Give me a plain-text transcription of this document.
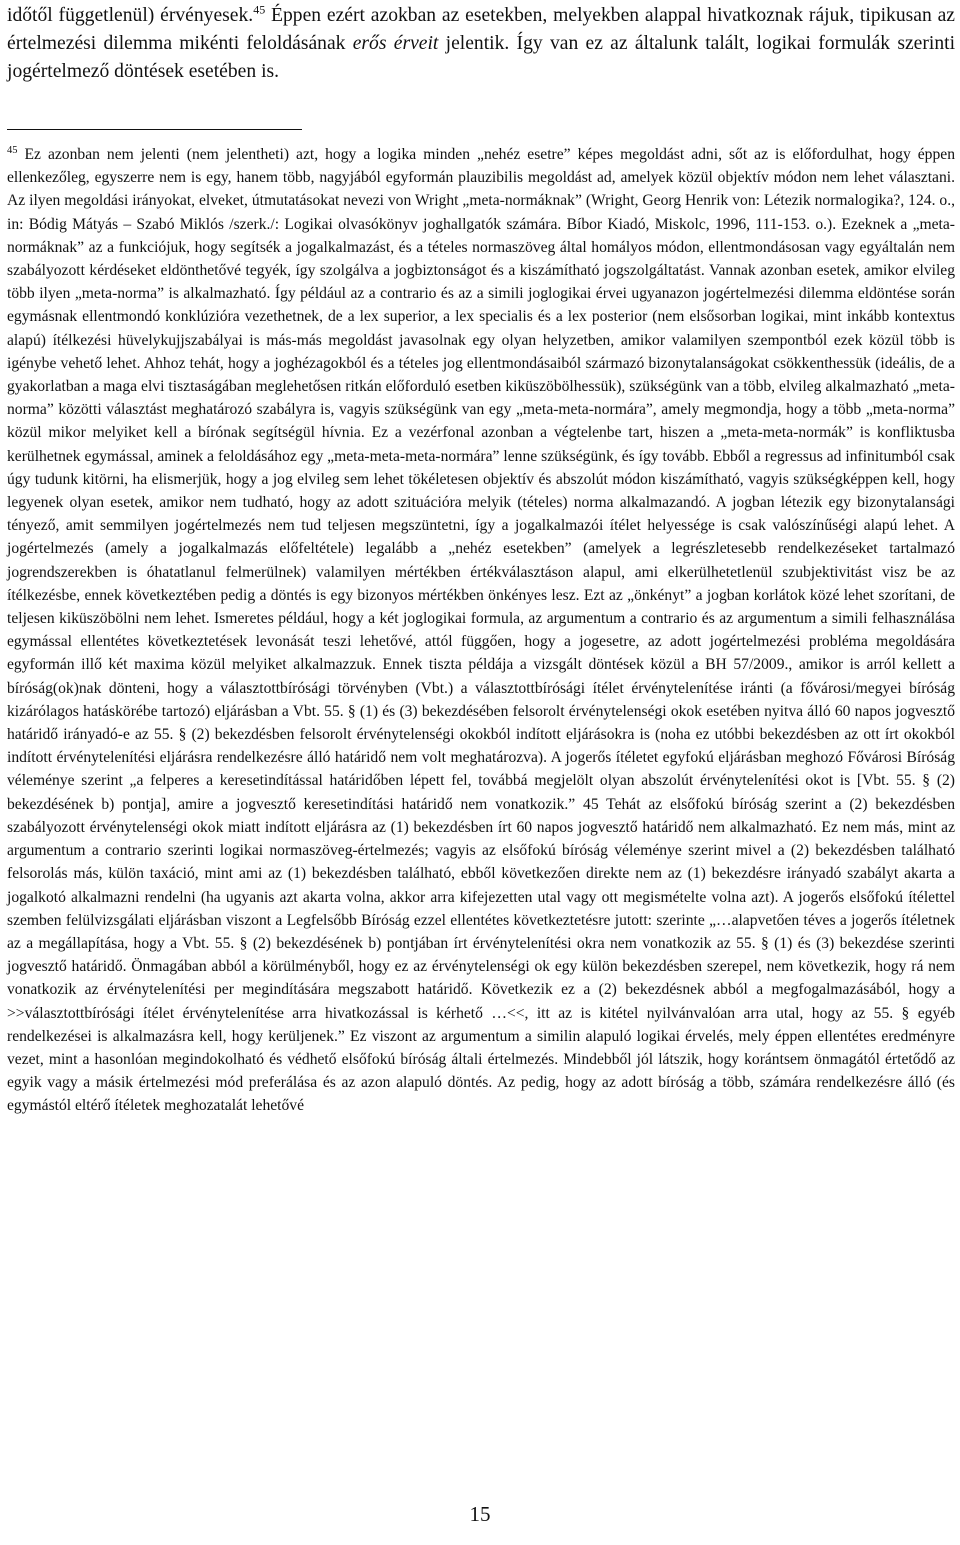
időtől függetlenül) érvényesek.$^{45}$ Éppen ezért azokban az esetekben, melyekben alappal hivatkoznak rájuk, tipikusan az értelmezési dilemma mikénti feloldásának erős érveit jelentik. Így van ez az általunk talált, logikai formulák szerinti jogértelmező döntések esetében is.

$^{45}$ Ez azonban nem jelenti (nem jelentheti) azt, hogy a logika minden „nehéz esetre” képes megoldást adni, sőt az is előfordulhat, hogy éppen ellenkezőleg, egyszerre nem is egy, hanem több, nagyjából egyformán plauzibilis megoldást ad, amelyek közül objektív módon nem lehet választani. Az ilyen megoldási irányokat, elveket, útmutatásokat nevezi von Wright „meta-normáknak” (Wright, Georg Henrik von: Létezik normalogika?, 124. o., in: Bódig Mátyás – Szabó Miklós /szerk./: Logikai olvasókönyv joghallgatók számára. Bíbor Kiadó, Miskolc, 1996, 111-153. o.). Ezeknek a „meta-normáknak” az a funkciójuk, hogy segítsék a jogalkalmazást, és a tételes normaszöveg által homályos módon, ellentmondásosan vagy egyáltalán nem szabályozott kérdéseket eldönthetővé tegyék, így szolgálva a jogbiztonságot és a kiszámítható jogszolgáltatást. Vannak azonban esetek, amikor elvileg több ilyen „meta-norma” is alkalmazható. Így például az a contrario és az a simili joglogikai érvei ugyanazon jogértelmezési dilemma eldöntése során egymásnak ellentmondó konklúzióra vezethetnek, de a lex superior, a lex specialis és a lex posterior (nem elsősorban logikai, mint inkább kontextus alapú) ítélkezési hüvelykujjszabályai is más-más megoldást javasolnak egy olyan helyzetben, amikor valamilyen szempontból ezek közül több is igénybe vehető lehet. Ahhoz tehát, hogy a joghézagokból és a tételes jog ellentmondásaiból származó bizonytalanságokat csökkenthessük (ideális, de a gyakorlatban a maga elvi tisztaságában meglehetősen ritkán előforduló esetben kiküszöbölhessük), szükségünk van a több, elvileg alkalmazható „meta-norma” közötti választást meghatározó szabályra is, vagyis szükségünk van egy „meta-meta-normára”, amely megmondja, hogy a több „meta-norma” közül mikor melyiket kell a bírónak segítségül hívnia. Ez a vezérfonal azonban a végtelenbe tart, hiszen a „meta-meta-normák” is konfliktusba kerülhetnek egymással, aminek a feloldásához egy „meta-meta-meta-normára” lenne szükségünk, és így tovább. Ebből a regressus ad infinitumból csak úgy tudunk kitörni, ha elismerjük, hogy a jog elvileg sem lehet tökéletesen objektív és abszolút módon kiszámítható, vagyis szükségképpen kell, hogy legyenek olyan esetek, amikor nem tudható, hogy az adott szituációra melyik (tételes) norma alkalmazandó. A jogban létezik egy bizonytalansági tényező, amit semmilyen jogértelmezés nem tud teljesen megszüntetni, így a jogalkalmazói ítélet helyessége is csak valószínűségi alapú lehet. A jogértelmezés (amely a jogalkalmazás előfeltétele) legalább a „nehéz esetekben” (amelyek a legrészletesebb rendelkezéseket tartalmazó jogrendszerekben is óhatatlanul felmerülnek) valamilyen mértékben értékválasztáson alapul, ami elkerülhetetlenül szubjektivitást visz be az ítélkezésbe, ennek következtében pedig a döntés is egy bizonyos mértékben önkényes lesz. Ezt az „önkényt” a jogban korlátok közé lehet szorítani, de teljesen kiküszöbölni nem lehet. Ismeretes például, hogy a két joglogikai formula, az argumentum a contrario és az argumentum a simili felhasználása egymással ellentétes következtetések levonását teszi lehetővé, attól függően, hogy a jogesetre, az adott jogértelmezési probléma megoldására egyformán illő két maxima közül melyiket alkalmazzuk. Ennek tiszta példája a vizsgált döntések közül a BH 57/2009., amikor is arról kellett a bíróság(ok)nak dönteni, hogy a választottbírósági törvényben (Vbt.) a választottbírósági ítélet érvénytelenítése iránti (a fővárosi/megyei bíróság kizárólagos hatáskörébe tartozó) eljárásban a Vbt. 55. § (1) és (3) bekezdésében felsorolt érvénytelenségi okok esetében nyitva álló 60 napos jogvesztő határidő irányadó-e az 55. § (2) bekezdésben felsorolt érvénytelenségi okokból indított eljárásokra is (noha ez utóbbi bekezdésben az ott írt okokból indított érvénytelenítési eljárásra rendelkezésre álló határidő nem volt meghatározva). A jogerős ítéletet egyfokú eljárásban meghozó Fővárosi Bíróság véleménye szerint „a felperes a keresetindítással határidőben lépett fel, továbbá megjelölt olyan abszolút érvénytelenítési okot is [Vbt. 55. § (2) bekezdésének b) pontja], amire a jogvesztő keresetindítási határidő nem vonatkozik.” 45 Tehát az elsőfokú bíróság szerint a (2) bekezdésben szabályozott érvénytelenségi okok miatt indított eljárásra az (1) bekezdésben írt 60 napos jogvesztő határidő nem alkalmazható. Ez nem más, mint az argumentum a contrario szerinti logikai normaszöveg-értelmezés; vagyis az elsőfokú bíróság véleménye szerint mivel a (2) bekezdésben található felsorolás más, külön taxáció, mint ami az (1) bekezdésben található, ebből következően direkte nem az (1) bekezdésre irányadó szabályt akarta a jogalkotó alkalmazni rendelni (ha ugyanis azt akarta volna, akkor arra kifejezetten utal vagy ott megismételte volna azt). A jogerős elsőfokú ítélettel szemben felülvizsgálati eljárásban viszont a Legfelsőbb Bíróság ezzel ellentétes következtetésre jutott: szerinte „…alapvetően téves a jogerős ítéletnek az a megállapítása, hogy a Vbt. 55. § (2) bekezdésének b) pontjában írt érvénytelenítési okra nem vonatkozik az 55. § (1) és (3) bekezdése szerinti jogvesztő határidő. Önmagában abból a körülményből, hogy ez az érvénytelenségi ok egy külön bekezdésben szerepel, nem következik, hogy rá nem vonatkozik az érvénytelenítési per megindítására megszabott határidő. Következik ez a (2) bekezdésnek abból a megfogalmazásából, hogy a >>választottbírósági ítélet érvénytelenítése arra hivatkozással is kérhető …<<, itt az is kitétel nyilvánvalóan arra utal, hogy az 55. § egyéb rendelkezései is alkalmazásra kell, hogy kerüljenek.” Ez viszont az argumentum a similin alapuló logikai érvelés, mely éppen ellentétes eredményre vezet, mint a hasonlóan megindokolható és védhető elsőfokú bíróság általi értelmezés. Mindebből jól látszik, hogy korántsem önmagától értetődő az egyik vagy a másik értelmezési mód preferálása és az azon alapuló döntés. Az pedig, hogy az adott bíróság a több, számára rendelkezésre álló (és egymástól eltérő ítéletek meghozatalát lehetővé

15
